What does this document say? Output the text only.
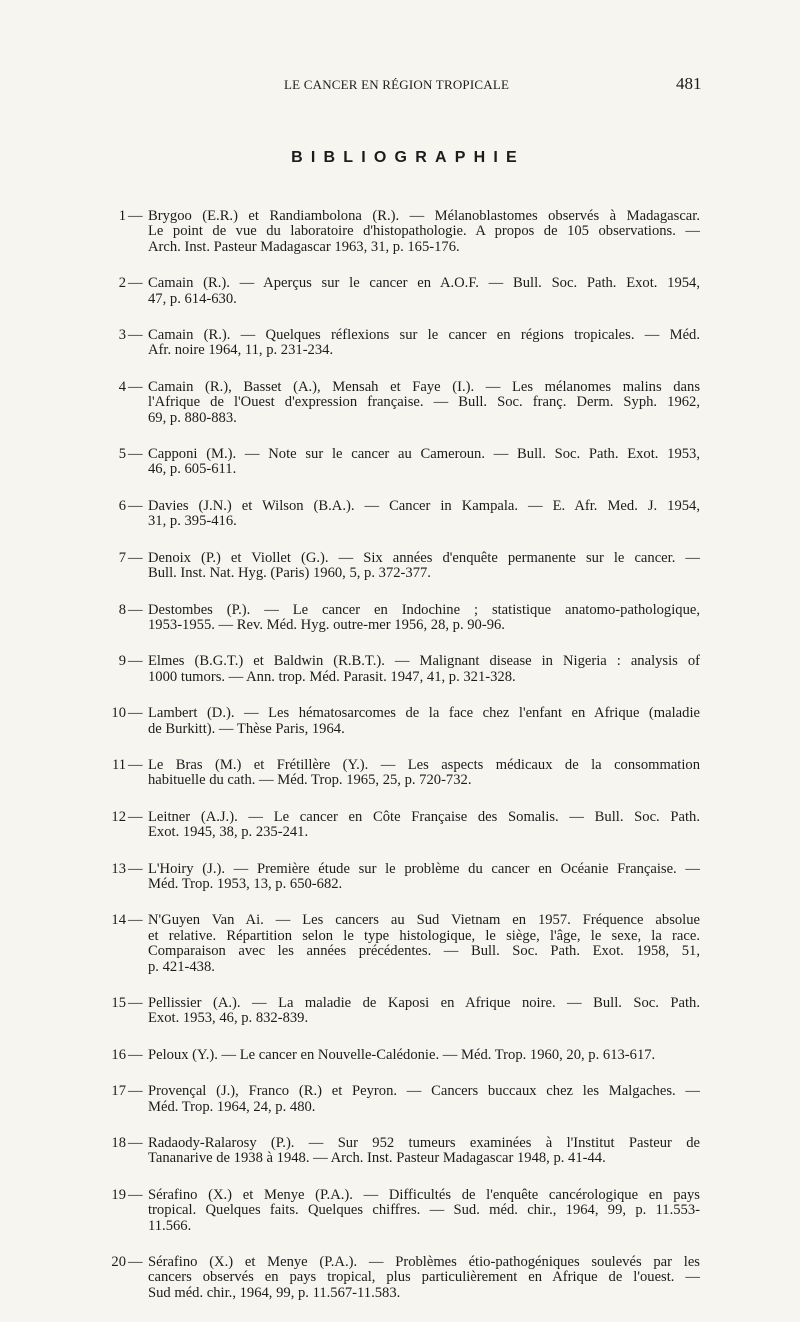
LE CANCER EN RÉGION TROPICALE	481
BIBLIOGRAPHIE
1 — Brygoo (E.R.) et Randiambolona (R.). — Mélanoblastomes observés à Madagascar.
Le point de vue du laboratoire d'histopathologie. A propos de 105 observations. —
Arch. Inst. Pasteur Madagascar 1963, 31, p. 165-176.
2 — Camain (R.). — Aperçus sur le cancer en A.O.F. — Bull. Soc. Path. Exot. 1954,
47, p. 614-630.
3 — Camain (R.). — Quelques réflexions sur le cancer en régions tropicales. — Méd.
Afr. noire 1964, 11, p. 231-234.
4 — Camain (R.), Basset (A.), Mensah et Faye (I.). — Les mélanomes malins dans
l'Afrique de l'Ouest d'expression française. — Bull. Soc. franç. Derm. Syph. 1962,
69, p. 880-883.
5 — Capponi (M.). — Note sur le cancer au Cameroun. — Bull. Soc. Path. Exot. 1953,
46, p. 605-611.
6 — Davies (J.N.) et Wilson (B.A.). — Cancer in Kampala. — E. Afr. Med. J. 1954,
31, p. 395-416.
7 — Denoix (P.) et Viollet (G.). — Six années d'enquête permanente sur le cancer. —
Bull. Inst. Nat. Hyg. (Paris) 1960, 5, p. 372-377.
8 — Destombes (P.). — Le cancer en Indochine ; statistique anatomo-pathologique,
1953-1955. — Rev. Méd. Hyg. outre-mer 1956, 28, p. 90-96.
9 — Elmes (B.G.T.) et Baldwin (R.B.T.). — Malignant disease in Nigeria : analysis of
1000 tumors. — Ann. trop. Méd. Parasit. 1947, 41, p. 321-328.
10 — Lambert (D.). — Les hématosarcomes de la face chez l'enfant en Afrique (maladie
de Burkitt). — Thèse Paris, 1964.
11 — Le Bras (M.) et Frétillère (Y.). — Les aspects médicaux de la consommation
habituelle du cath. — Méd. Trop. 1965, 25, p. 720-732.
12 — Leitner (A.J.). — Le cancer en Côte Française des Somalis. — Bull. Soc. Path.
Exot. 1945, 38, p. 235-241.
13 — L'Hoiry (J.). — Première étude sur le problème du cancer en Océanie Française. —
Méd. Trop. 1953, 13, p. 650-682.
14 — N'Guyen Van Ai. — Les cancers au Sud Vietnam en 1957. Fréquence absolue
et relative. Répartition selon le type histologique, le siège, l'âge, le sexe, la race.
Comparaison avec les années précédentes. — Bull. Soc. Path. Exot. 1958, 51,
p. 421-438.
15 — Pellissier (A.). — La maladie de Kaposi en Afrique noire. — Bull. Soc. Path.
Exot. 1953, 46, p. 832-839.
16 — Peloux (Y.). — Le cancer en Nouvelle-Calédonie. — Méd. Trop. 1960, 20, p. 613-617.
17 — Provençal (J.), Franco (R.) et Peyron. — Cancers buccaux chez les Malgaches. —
Méd. Trop. 1964, 24, p. 480.
18 — Radaody-Ralarosy (P.). — Sur 952 tumeurs examinées à l'Institut Pasteur de
Tananarive de 1938 à 1948. — Arch. Inst. Pasteur Madagascar 1948, p. 41-44.
19 — Sérafino (X.) et Menye (P.A.). — Difficultés de l'enquête cancérologique en pays
tropical. Quelques faits. Quelques chiffres. — Sud. méd. chir., 1964, 99, p. 11.553-
11.566.
20 — Sérafino (X.) et Menye (P.A.). — Problèmes étio-pathogéniques soulevés par les
cancers observés en pays tropical, plus particulièrement en Afrique de l'ouest. —
Sud méd. chir., 1964, 99, p. 11.567-11.583.
